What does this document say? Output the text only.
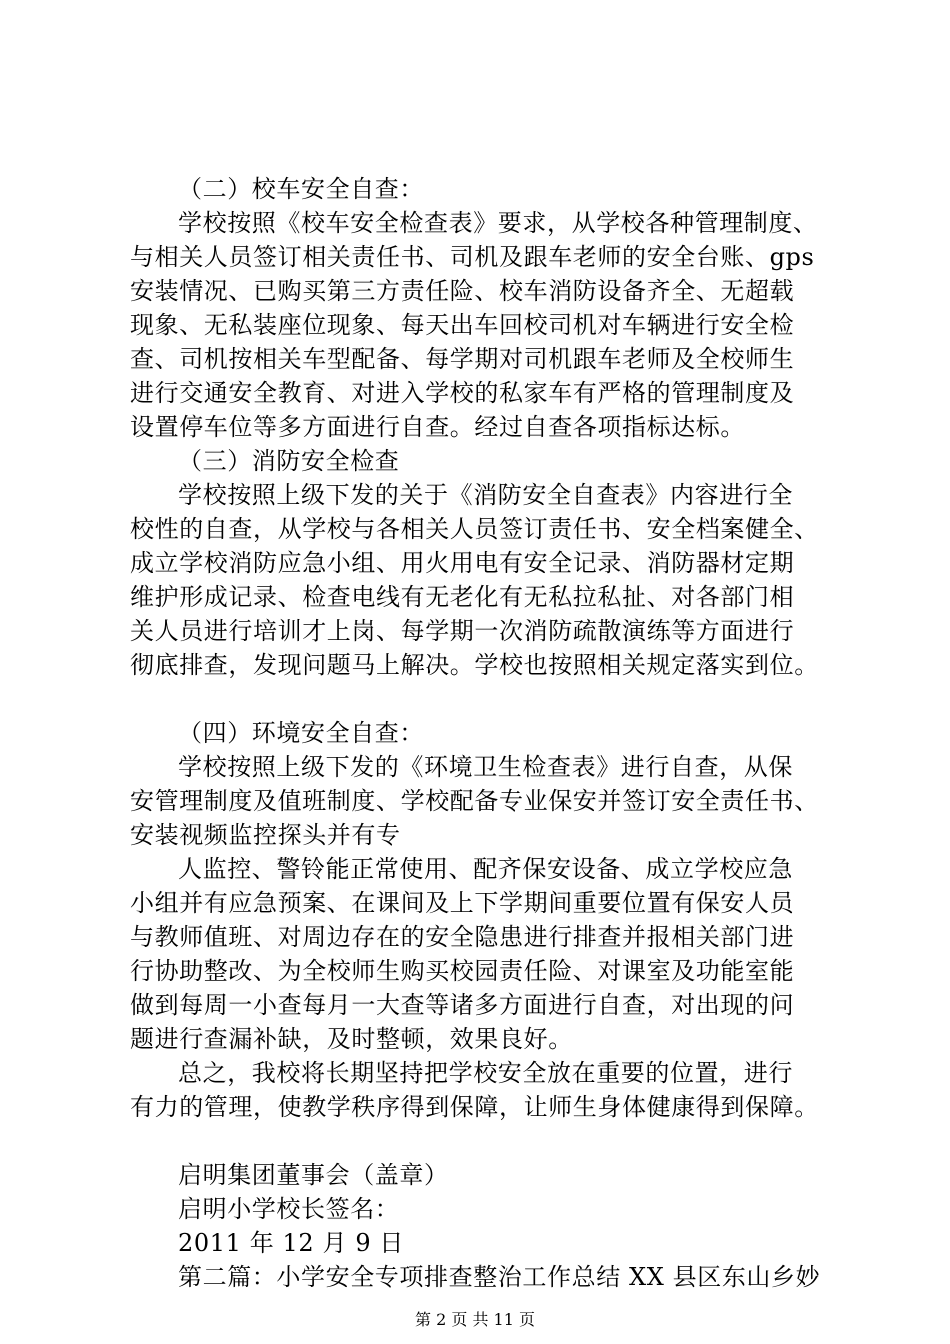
（二）校车安全自查：
学校按照《校车安全检查表》要求，从学校各种管理制度、
与相关人员签订相关责任书、司机及跟车老师的安全台账、gps
安装情况、已购买第三方责任险、校车消防设备齐全、无超载
现象、无私装座位现象、每天出车回校司机对车辆进行安全检
查、司机按相关车型配备、每学期对司机跟车老师及全校师生
进行交通安全教育、对进入学校的私家车有严格的管理制度及
设置停车位等多方面进行自查。经过自查各项指标达标。
（三）消防安全检查
学校按照上级下发的关于《消防安全自查表》内容进行全
校性的自查，从学校与各相关人员签订责任书、安全档案健全、
成立学校消防应急小组、用火用电有安全记录、消防器材定期
维护形成记录、检查电线有无老化有无私拉私扯、对各部门相
关人员进行培训才上岗、每学期一次消防疏散演练等方面进行
彻底排查，发现问题马上解决。学校也按照相关规定落实到位。
（四）环境安全自查：
学校按照上级下发的《环境卫生检查表》进行自查，从保
安管理制度及值班制度、学校配备专业保安并签订安全责任书、
安装视频监控探头并有专
人监控、警铃能正常使用、配齐保安设备、成立学校应急
小组并有应急预案、在课间及上下学期间重要位置有保安人员
与教师值班、对周边存在的安全隐患进行排查并报相关部门进
行协助整改、为全校师生购买校园责任险、对课室及功能室能
做到每周一小查每月一大查等诸多方面进行自查，对出现的问
题进行查漏补缺，及时整顿，效果良好。
总之，我校将长期坚持把学校安全放在重要的位置，进行
有力的管理，使教学秩序得到保障，让师生身体健康得到保障。
启明集团董事会（盖章）
启明小学校长签名：
2011 年 12 月 9 日
第二篇：小学安全专项排查整治工作总结 XX 县区东山乡妙
第 2 页 共 11 页
